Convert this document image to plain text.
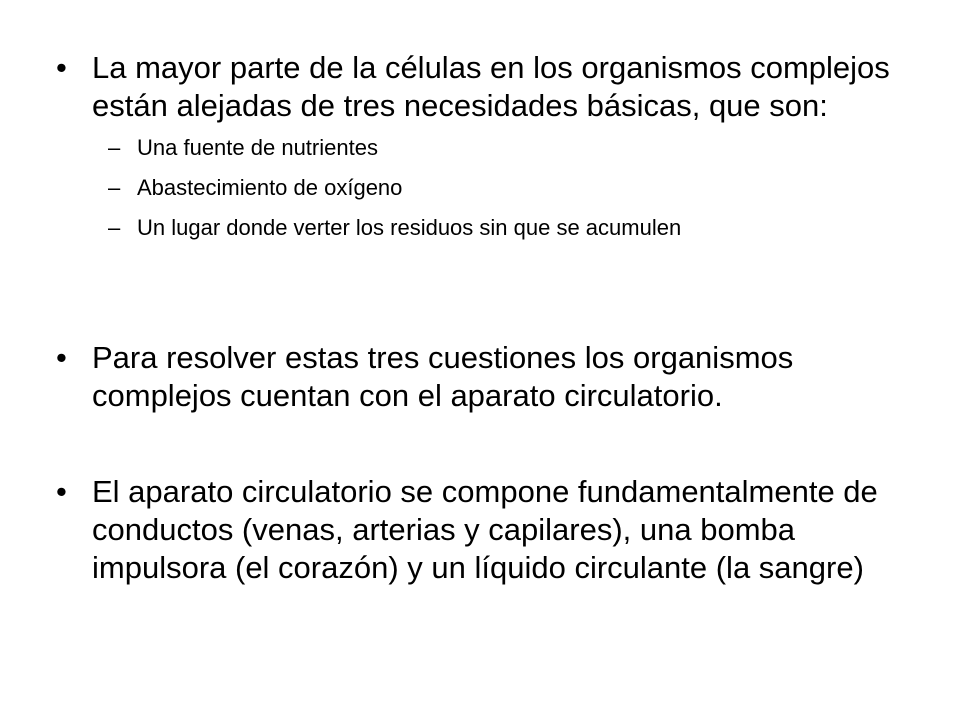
• La mayor parte de la células en los organismos complejos están alejadas de tres necesidades básicas, que son:
– Una fuente de nutrientes
– Abastecimiento de oxígeno
– Un lugar donde verter los residuos sin que se acumulen
• Para resolver estas tres cuestiones los organismos complejos cuentan con el aparato circulatorio.
• El aparato circulatorio se compone fundamentalmente de conductos (venas, arterias y capilares), una bomba impulsora (el corazón) y un líquido circulante (la sangre)
